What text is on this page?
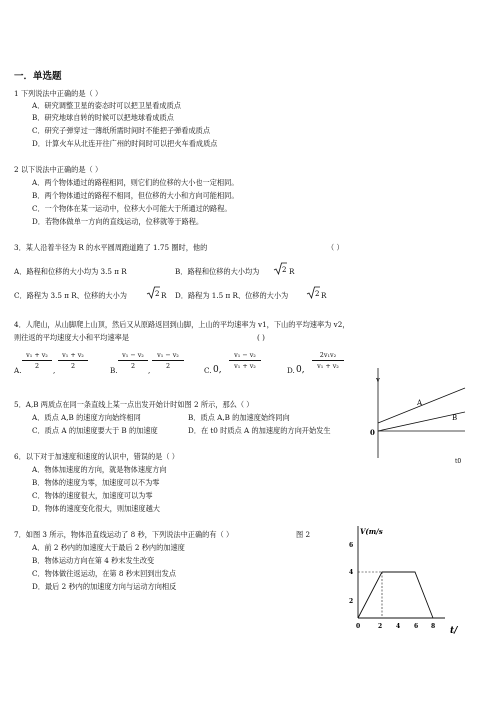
一．单选题
1 下列说法中正确的是（ ）
A．研究调整卫星的姿态时可以把卫星看成质点
B．研究地球自转的时候可以把地球看成质点
C．研究子弹穿过一薄纸所需时间时不能把子弹看成质点
D．计算火车从北连开往广州的时间时可以把火车看成质点
2 以下说法中正确的是（ ）
A．两个物体通过的路程相同，则它们的位移的大小也一定相同。
B．两个物体通过的路程不相同，但位移的大小和方向可能相同。
C．一个物体在某一运动中，位移大小可能大于所通过的路程。
D．若物体做单一方向的直线运动，位移就等于路程。
3．某人沿着半径为 R 的水平圆周跑道跑了 1.75 圈时，他的	（ ）
A．路程和位移的大小均为 3.5 π R	B．路程和位移的大小均为	2 R
C．路程为 3.5 π R、位移的大小为	2 R D．路程为 1.5 π R、位移的大小为	2 R
4．人爬山，从山脚爬上山顶，然后又从原路返回到山脚，上山的平均速率为 v1，下山的平均速率为 v2，
则往返的平均速度大小和平均速率是	( )
A.
$\frac{\text{v₁ + v₂}}{2}$
,
$\frac{\text{v₁ + v₂}}{2}$
B.
$\frac{\text{v₁ − v₂}}{2}$
,
$\frac{\text{v₁ − v₂}}{2}$
C. 0, $\frac{\text{v₁ − v₂}}{\text{v₁ + v₂}}$
D. 0, $\frac{\text{2v₁v₂}}{\text{v₁ + v₂}}$
5．A,B 两质点在同一条直线上某一点出发开始计时如图 2 所示，那么（ ）
A．质点 A,B 的速度方向始终相同	B．质点 A,B 的加速度始终同向
C．质点 A 的加速度要大于 B 的加速度	D．在 t0 时质点 A 的加速度的方向开始发生
v
A
B
0
t0
6．以下对于加速度和速度的认识中，错误的是（ ）
A．物体加速度的方向，就是物体速度方向
B．物体的速度为零，加速度可以不为零
C．物体的速度很大，加速度可以为零
D．物体的速度变化很大，则加速度越大
7．如图 3 所示，物体沿直线运动了 8 秒，下列说法中正确的有（ ）	图 2
A．前 2 秒内的加速度大于最后 2 秒内的加速度
B．物体运动方向在第 4 秒末发生改变
C．物体做往返运动，在第 8 秒末回到出发点
D．最后 2 秒内的加速度方向与运动方向相反
V(m/s
6
4
2
0	2 4 6 8 t/
